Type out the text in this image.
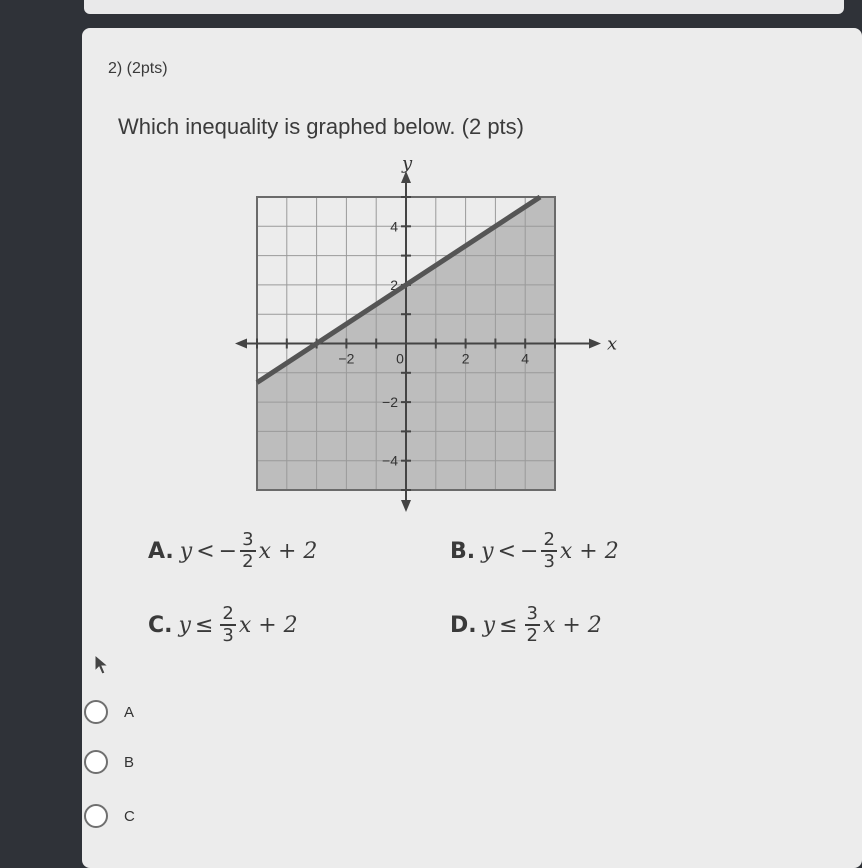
2) (2pts)
Which inequality is graphed below. (2 pts)
−2	0	2	4
4
2
−2
−4
x
y
A. y < − $\frac{3}{2}$ x + 2	B. y < − $\frac{2}{3}$ x + 2
C. $y \le \frac{2}{3}$ x + 2	D. $y \le \frac{3}{2}$ x + 2
A
B
C
